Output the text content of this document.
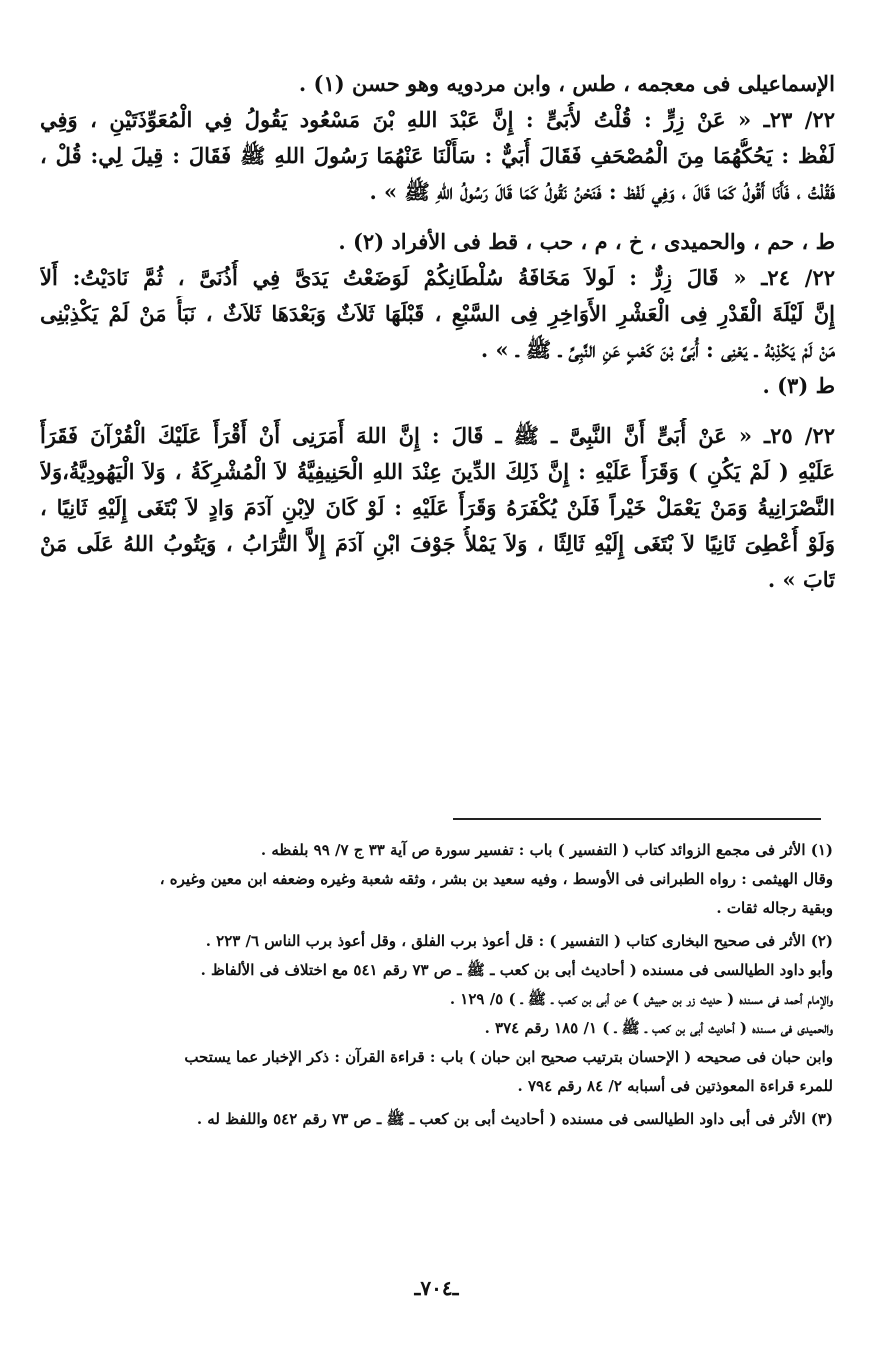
الإسماعيلى فى معجمه ، طس ، وابن مردويه وهو حسن (١) .
٢٢/ ٢٣ـ « عَنْ زِرٍّ : قُلْتُ لأُبَىٍّ : إِنَّ عَبْدَ اللهِ بْنَ مَسْعُود يَقُولُ فِي الْمُعَوِّذَتَيْنِ ، وَفِي
لَفْظ : يَحُكُّهُمَا مِنَ الْمُصْحَفِ فَقَالَ أُبَيٌّ : سَأَلْنَا عَنْهُمَا رَسُولَ اللهِ ﷺ فَقَالَ : قِيلَ لِي: قُلْ ،
فَقُلْتُ ، فَأَنَا أَقُولُ كَمَا قَالَ ، وَفِي لَفْظ : فَنَحْنُ نَقُولُ كَمَا قَالَ رَسُولُ اللهِ ﷺ » .
ط ، حم ، والحميدى ، خ ، م ، حب ، قط فى الأفراد (٢) .
٢٢/ ٢٤ـ « قَالَ زِرٌّ : لَولاَ مَخَافَةُ سُلْطَانِكُمْ لَوَضَعْتُ يَدَىَّ فِي أُذُنَىَّ ، ثُمَّ نَادَيْتُ: أَلاَ
إِنَّ لَيْلَةَ الْقَدْرِ فِى الْعَشْرِ الأَوَاخِرِ فِى السَّبْعِ ، قَبْلَهَا ثَلاَثٌ وَبَعْدَهَا ثَلاَثٌ ، نَبَأُ مَنْ لَمْ يَكْذِبْنِى
مَنْ لَمْ يَكْذِبْهُ ـ يَعْنِى : أُبَىَّ بْنَ كَعْبٍ عَنِ النَّبِىِّ ـ ﷺ ـ » .
ط (٣) .
٢٢/ ٢٥ـ « عَنْ أُبَىٍّ أَنَّ النَّبِىَّ ـ ﷺ ـ قَالَ : إِنَّ اللهَ أَمَرَنِى أَنْ أَقْرَأَ عَلَيْكَ الْقُرْآنَ فَقَرَأَ
عَلَيْهِ ( لَمْ يَكُنِ ) وَقَرَأَ عَلَيْهِ : إِنَّ ذَلِكَ الدِّينَ عِنْدَ اللهِ الْحَنِيفِيَّةُ لاَ الْمُشْرِكَةُ ، وَلاَ الْيَهُودِيَّةُ،وَلاَ
النَّصْرَانِيةُ وَمَنْ يَعْمَلْ خَيْراً فَلَنْ يُكْفَرَهُ وَقَرَأَ عَلَيْهِ : لَوْ كَانَ لاِبْنِ آدَمَ وَادٍ لاَ بْتَغَى إِلَيْهِ ثَانِيًا ،
وَلَوْ أُعْطِىَ ثَانِيًا لاَ بْتَغَى إِلَيْهِ ثَالِثًا ، وَلاَ يَمْلأُ جَوْفَ ابْنِ آدَمَ إِلاَّ التُّرَابُ ، وَيَتُوبُ اللهُ عَلَى مَنْ
تَابَ » .
(١) الأثر فى مجمع الزوائد كتاب ( التفسير ) باب : تفسير سورة ص آية ٣٣ ج ٧/ ٩٩ بلفظه .
وقال الهيثمى : رواه الطبرانى فى الأوسط ، وفيه سعيد بن بشر ، وثقه شعبة وغيره وضعفه ابن معين وغيره ،
وبقية رجاله ثقات .
(٢) الأثر فى صحيح البخارى كتاب ( التفسير ) : قل أعوذ برب الفلق ، وقل أعوذ برب الناس ٦/ ٢٢٣ .
وأبو داود الطيالسى فى مسنده ( أحاديث أبى بن كعب ـ ﷺ ـ ص ٧٣ رقم ٥٤١ مع اختلاف فى الألفاظ .
والإمام أحمد فى مسنده ( حديث زر بن حبيش ) عن أبى بن كعب ـ ﷺ ـ ) ٥/ ١٢٩ .
والحميدى فى مسنده ( أحاديث أبى بن كعب ـ ﷺ ـ ) ١/ ١٨٥ رقم ٣٧٤ .
وابن حبان فى صحيحه ( الإحسان بترتيب صحيح ابن حبان ) باب : قراءة القرآن : ذكر الإخبار عما يستحب
للمرء قراءة المعوذتين فى أسبابه ٢/ ٨٤ رقم ٧٩٤ .
(٣) الأثر فى أبى داود الطيالسى فى مسنده ( أحاديث أبى بن كعب ـ ﷺ ـ ص ٧٣ رقم ٥٤٢ واللفظ له .
ـ٧٠٤ـ
